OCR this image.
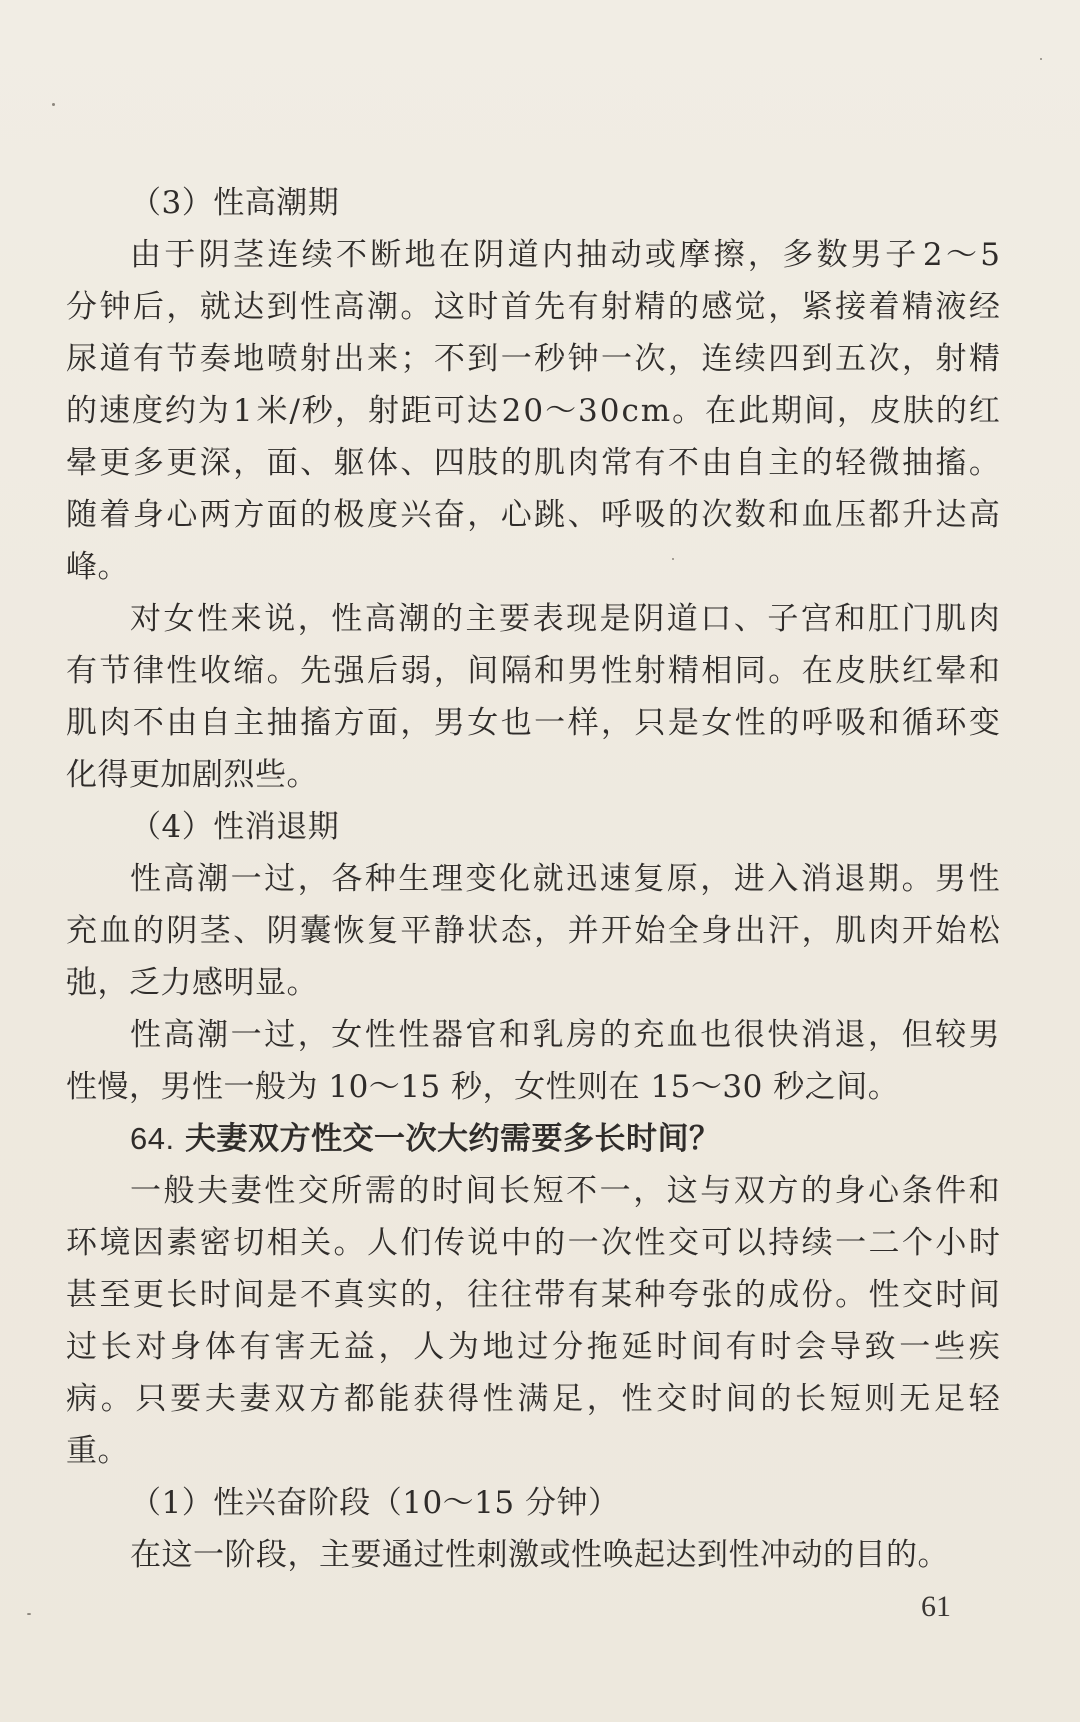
（3）性高潮期
由 于 阴 茎 连 续 不 断 地 在 阴 道 内 抽 动 或 摩 擦 ， 多 数 男 子 2 ～ 5
分 钟 后 ， 就 达 到 性 高 潮 。 这 时 首 先 有 射 精 的 感 觉 ， 紧 接 着 精 液 经
尿 道 有 节 奏 地 喷 射 出 来 ； 不 到 一 秒 钟 一 次 ， 连 续 四 到 五 次 ， 射 精
的 速 度 约 为 1 米 / 秒 ， 射 距 可 达 2 0 ～ 3 0 c m 。 在 此 期 间 ， 皮 肤 的 红
晕 更 多 更 深 ， 面 、 躯 体 、 四 肢 的 肌 肉 常 有 不 由 自 主 的 轻 微 抽 搐 。
随 着 身 心 两 方 面 的 极 度 兴 奋 ， 心 跳 、 呼 吸 的 次 数 和 血 压 都 升 达 高
峰。
对 女 性 来 说 ， 性 高 潮 的 主 要 表 现 是 阴 道 口 、 子 宫 和 肛 门 肌 肉
有 节 律 性 收 缩 。 先 强 后 弱 ， 间 隔 和 男 性 射 精 相 同 。 在 皮 肤 红 晕 和
肌 肉 不 由 自 主 抽 搐 方 面 ， 男 女 也 一 样 ， 只 是 女 性 的 呼 吸 和 循 环 变
化得更加剧烈些。
（4）性消退期
性 高 潮 一 过 ， 各 种 生 理 变 化 就 迅 速 复 原 ， 进 入 消 退 期 。 男 性
充 血 的 阴 茎 、 阴 囊 恢 复 平 静 状 态 ， 并 开 始 全 身 出 汗 ， 肌 肉 开 始 松
弛，乏力感明显。
性 高 潮 一 过 ， 女 性 性 器 官 和 乳 房 的 充 血 也 很 快 消 退 ， 但 较 男
性慢，男性一般为 10～15 秒，女性则在 15～30 秒之间。
64. 夫妻双方性交一次大约需要多长时间？
一 般 夫 妻 性 交 所 需 的 时 间 长 短 不 一 ， 这 与 双 方 的 身 心 条 件 和
环 境 因 素 密 切 相 关 。 人 们 传 说 中 的 一 次 性 交 可 以 持 续 一 二 个 小 时
甚 至 更 长 时 间 是 不 真 实 的 ， 往 往 带 有 某 种 夸 张 的 成 份 。 性 交 时 间
过 长 对 身 体 有 害 无 益 ， 人 为 地 过 分 拖 延 时 间 有 时 会 导 致 一 些 疾
病 。 只 要 夫 妻 双 方 都 能 获 得 性 满 足 ， 性 交 时 间 的 长 短 则 无 足 轻
重。
（1）性兴奋阶段（10～15 分钟）
在这一阶段，主要通过性刺激或性唤起达到性冲动的目的。
61
